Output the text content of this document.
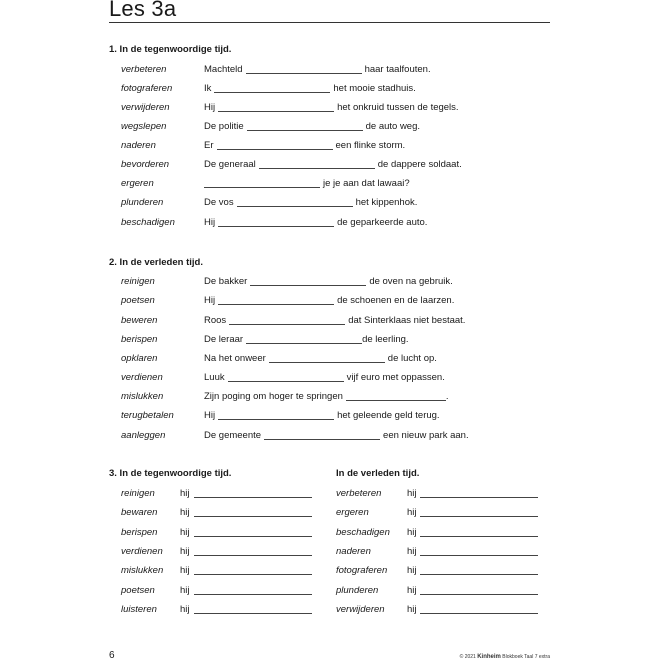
Les 3a
1. In de tegenwoordige tijd.
verbeteren	Machteld	haar taalfouten.
fotograferen	Ik	het mooie stadhuis.
verwijderen	Hij	het onkruid tussen de tegels.
wegslepen	De politie	de auto weg.
naderen	Er	een flinke storm.
bevorderen	De generaal	de dappere soldaat.
ergeren	je je aan dat lawaai?
plunderen	De vos	het kippenhok.
beschadigen	Hij	de geparkeerde auto.
2. In de verleden tijd.
reinigen	De bakker	de oven na gebruik.
poetsen	Hij	de schoenen en de laarzen.
beweren	Roos	dat Sinterklaas niet bestaat.
berispen	De leraar	de leerling.
opklaren	Na het onweer	de lucht op.
verdienen	Luuk	vijf euro met oppassen.
mislukken	Zijn poging om hoger te springen	.
terugbetalen	Hij	het geleende geld terug.
aanleggen	De gemeente	een nieuw park aan.
3. In de tegenwoordige tijd.	In de verleden tijd.
reinigen	hij
bewaren hij
berispen hij
verdienen hij
mislukken hij
poetsen	hij
luisteren hij
verbeteren	hij
ergeren	hij
beschadigen hij
naderen	hij
fotograferen hij
plunderen	hij
verwijderen hij
6	© 2021 Kinheim Blokboek Taal 7 extra
